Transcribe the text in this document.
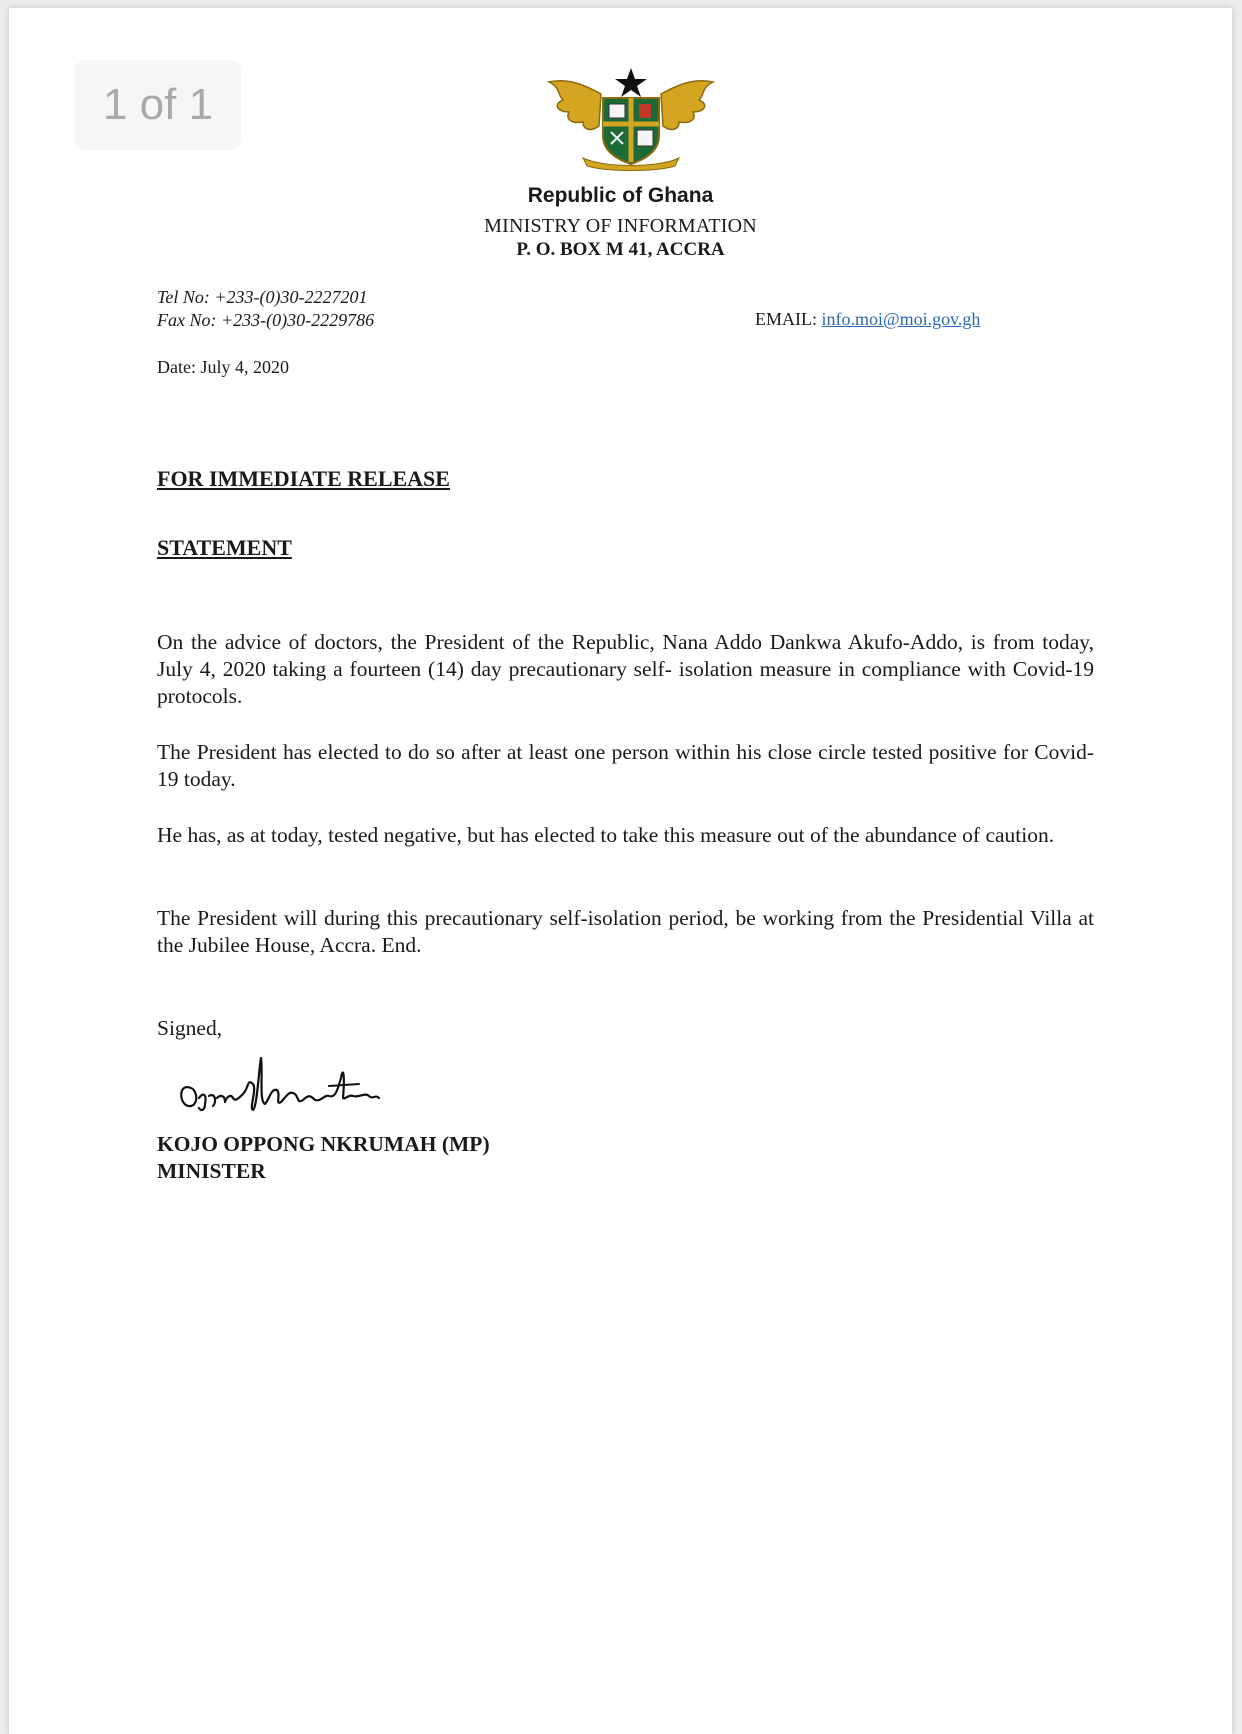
1 of 1
Republic of Ghana
MINISTRY OF INFORMATION
P. O. BOX M 41, ACCRA
Tel No: +233-(0)30-2227201
Fax No: +233-(0)30-2229786	EMAIL: info.moi@moi.gov.gh
Date: July 4, 2020
FOR IMMEDIATE RELEASE
STATEMENT
On the advice of doctors, the President of the Republic, Nana Addo Dankwa Akufo-Addo, is from today, July 4, 2020 taking a fourteen (14) day precautionary self- isolation measure in compliance with Covid-19 protocols.
The President has elected to do so after at least one person within his close circle tested positive for Covid-19 today.
He has, as at today, tested negative, but has elected to take this measure out of the abundance of caution.
The President will during this precautionary self-isolation period, be working from the Presidential Villa at the Jubilee House, Accra. End.
Signed,
KOJO OPPONG NKRUMAH (MP)
MINISTER
